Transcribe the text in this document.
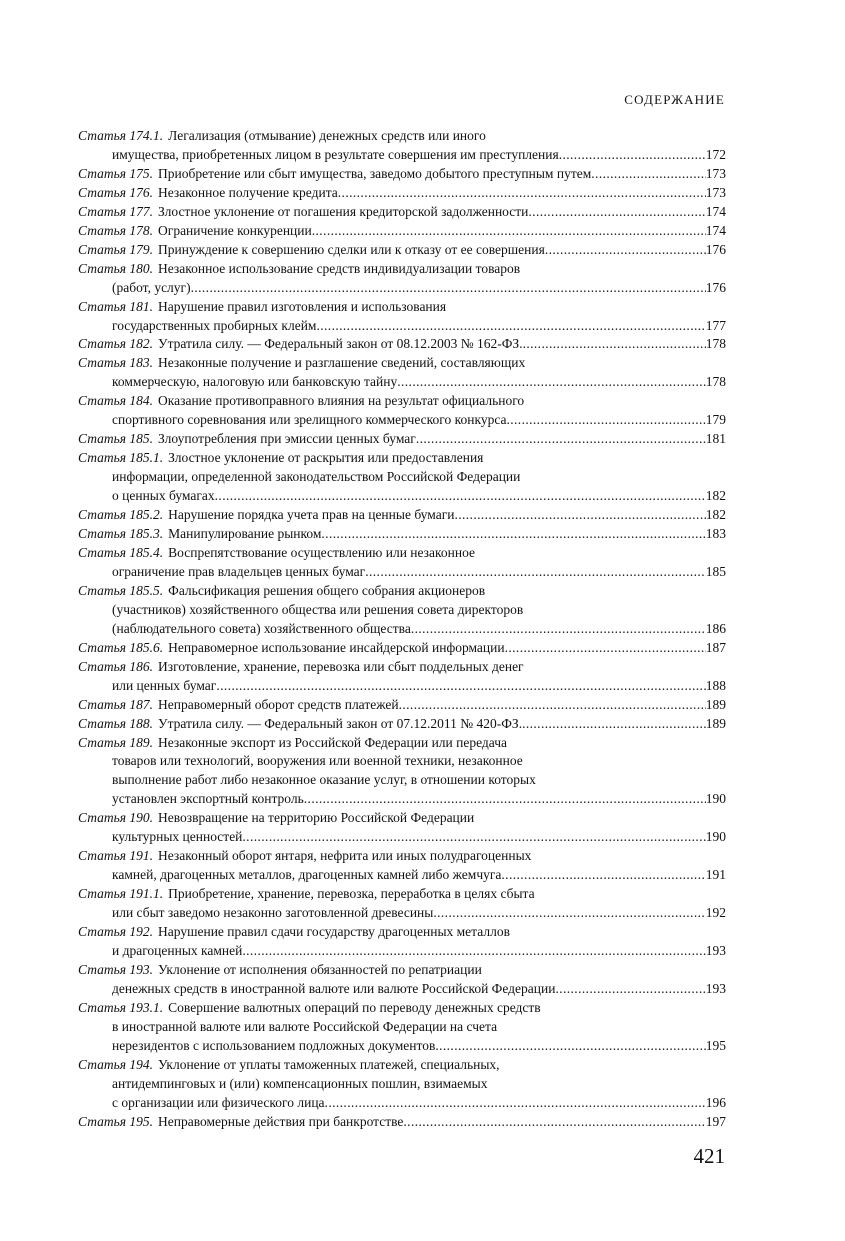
СОДЕРЖАНИЕ
Статья 174.1. Легализация (отмывание) денежных средств или иного
имущества, приобретенных лицом в результате совершения им преступления .....	172
Статья 175. Приобретение или сбыт имущества, заведомо добытого преступным путем .....	173
Статья 176. Незаконное получение кредита .....	173
Статья 177. Злостное уклонение от погашения кредиторской задолженности .....	174
Статья 178. Ограничение конкуренции .....	174
Статья 179. Принуждение к совершению сделки или к отказу от ее совершения .....	176
Статья 180. Незаконное использование средств индивидуализации товаров
(работ, услуг) .....	176
Статья 181. Нарушение правил изготовления и использования
государственных пробирных клейм .....	177
Статья 182. Утратила силу. — Федеральный закон от 08.12.2003 № 162-ФЗ. .....	178
Статья 183. Незаконные получение и разглашение сведений, составляющих
коммерческую, налоговую или банковскую тайну .....	178
Статья 184. Оказание противоправного влияния на результат официального
спортивного соревнования или зрелищного коммерческого конкурса .....	179
Статья 185. Злоупотребления при эмиссии ценных бумаг .....	181
Статья 185.1. Злостное уклонение от раскрытия или предоставления
информации, определенной законодательством Российской Федерации
о ценных бумагах .....	182
Статья 185.2. Нарушение порядка учета прав на ценные бумаги .....	182
Статья 185.3. Манипулирование рынком .....	183
Статья 185.4. Воспрепятствование осуществлению или незаконное
ограничение прав владельцев ценных бумаг .....	185
Статья 185.5. Фальсификация решения общего собрания акционеров
(участников) хозяйственного общества или решения совета директоров
(наблюдательного совета) хозяйственного общества .....	186
Статья 185.6. Неправомерное использование инсайдерской информации .....	187
Статья 186. Изготовление, хранение, перевозка или сбыт поддельных денег
или ценных бумаг .....	188
Статья 187. Неправомерный оборот средств платежей .....	189
Статья 188. Утратила силу. — Федеральный закон от 07.12.2011 № 420-ФЗ. .....	189
Статья 189. Незаконные экспорт из Российской Федерации или передача
товаров или технологий, вооружения или военной техники, незаконное
выполнение работ либо незаконное оказание услуг, в отношении которых
установлен экспортный контроль .....	190
Статья 190. Невозвращение на территорию Российской Федерации
культурных ценностей .....	190
Статья 191. Незаконный оборот янтаря, нефрита или иных полудрагоценных
камней, драгоценных металлов, драгоценных камней либо жемчуга .....	191
Статья 191.1. Приобретение, хранение, перевозка, переработка в целях сбыта
или сбыт заведомо незаконно заготовленной древесины .....	192
Статья 192. Нарушение правил сдачи государству драгоценных металлов
и драгоценных камней .....	193
Статья 193. Уклонение от исполнения обязанностей по репатриации
денежных средств в иностранной валюте или валюте Российской Федерации .....	193
Статья 193.1. Совершение валютных операций по переводу денежных средств
в иностранной валюте или валюте Российской Федерации на счета
нерезидентов с использованием подложных документов .....	195
Статья 194. Уклонение от уплаты таможенных платежей, специальных,
антидемпинговых и (или) компенсационных пошлин, взимаемых
с организации или физического лица .....	196
Статья 195. Неправомерные действия при банкротстве .....	197
421
